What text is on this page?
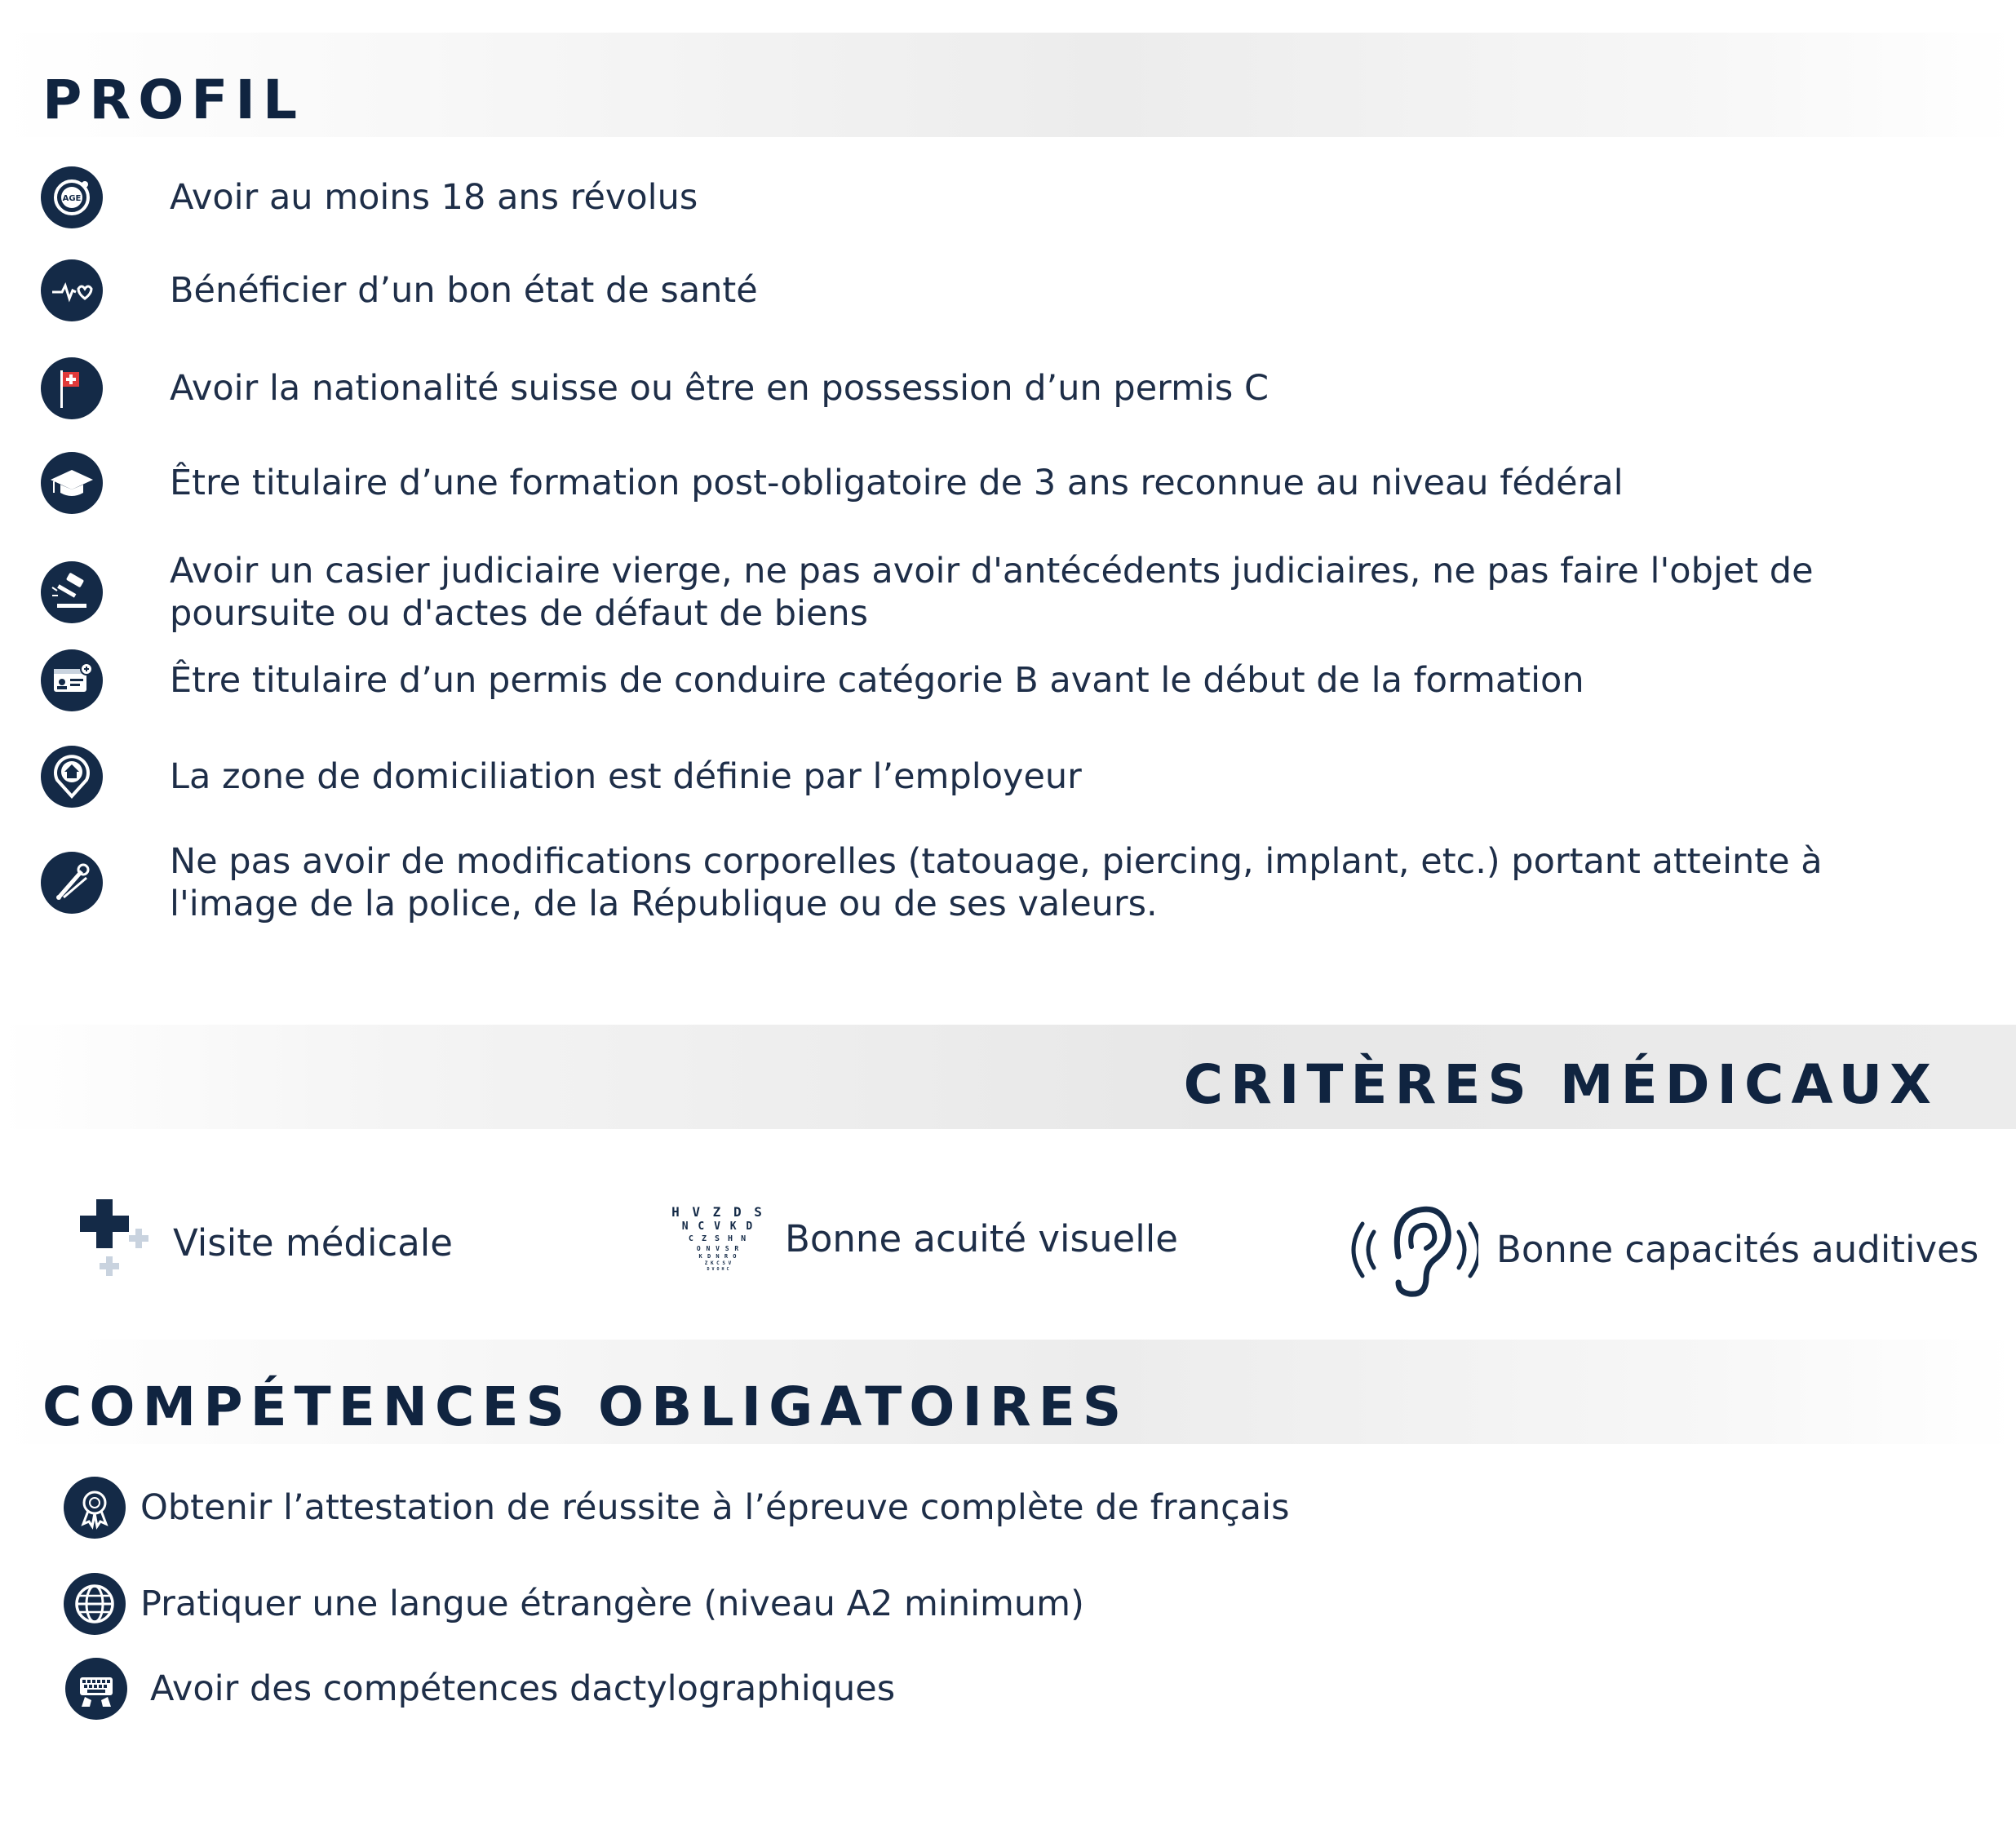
PROFIL
AGE	Avoir au moins 18 ans révolus
Bénéficier d’un bon état de santé
Avoir la nationalité suisse ou être en possession d’un permis C
Être titulaire d’une formation post-obligatoire de 3 ans reconnue au niveau fédéral
Avoir un casier judiciaire vierge, ne pas avoir d'antécédents judiciaires, ne pas faire l'objet de poursuite ou d'actes de défaut de biens
Être titulaire d’un permis de conduire catégorie B avant le début de la formation
La zone de domiciliation est définie par l’employeur
Ne pas avoir de modifications corporelles (tatouage, piercing, implant, etc.) portant atteinte à l'image de la police, de la République ou de ses valeurs.
CRITÈRES MÉDICAUX
Visite médicale
H V Z D S
N C V K D
C Z S H N
O N V S R
K D N R O
Z K C S V
D V O H C
Bonne acuité visuelle	Bonne capacités auditives
COMPÉTENCES OBLIGATOIRES
Obtenir l’attestation de réussite à l’épreuve complète de français
Pratiquer une langue étrangère (niveau A2 minimum)
Avoir des compétences dactylographiques
